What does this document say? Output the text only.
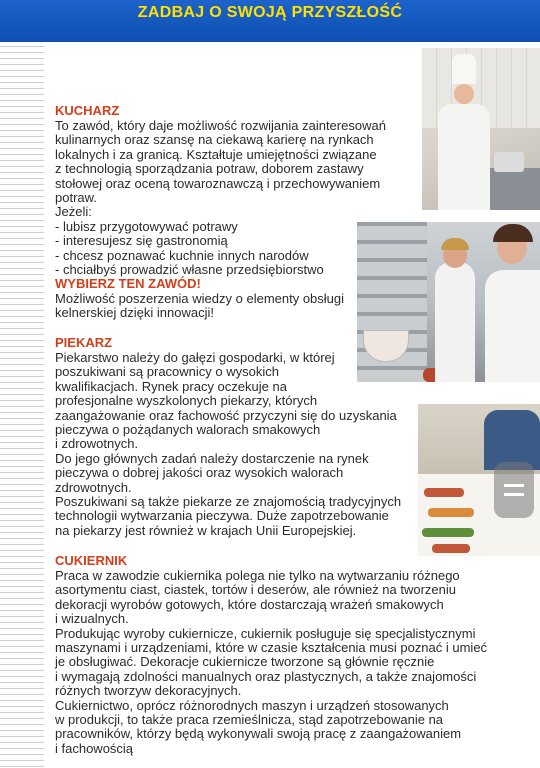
ZADBAJ O SWOJĄ PRZYSZŁOŚĆ
KUCHARZ
To zawód, który daje możliwość rozwijania zainteresowań
kulinarnych oraz szansę na ciekawą karierę na rynkach
lokalnych i za granicą. Kształtuje umiejętności związane
z technologią sporządzania potraw, doborem zastawy
stołowej oraz oceną towaroznawczą i przechowywaniem
potraw.
Jeżeli:
- lubisz przygotowywać potrawy
- interesujesz się gastronomią
- chcesz poznawać kuchnie innych narodów
- chciałbyś prowadzić własne przedsiębiorstwo
WYBIERZ TEN ZAWÓD!
Możliwość poszerzenia wiedzy o elementy obsługi
kelnerskiej dzięki innowacji!
PIEKARZ
Piekarstwo należy do gałęzi gospodarki, w której
poszukiwani są pracownicy o wysokich
kwalifikacjach. Rynek pracy oczekuje na
profesjonalne wyszkolonych piekarzy, których
zaangażowanie oraz fachowość przyczyni się do uzyskania
pieczywa o pożądanych walorach smakowych
i zdrowotnych.
Do jego głównych zadań należy dostarczenie na rynek
pieczywa o dobrej jakości oraz wysokich walorach
zdrowotnych.
Poszukiwani są także piekarze ze znajomością tradycyjnych
technologii wytwarzania pieczywa. Duże zapotrzebowanie
na piekarzy jest również w krajach Unii Europejskiej.
CUKIERNIK
Praca w zawodzie cukiernika polega nie tylko na wytwarzaniu różnego
asortymentu ciast, ciastek, tortów i deserów, ale również na tworzeniu
dekoracji wyrobów gotowych, które dostarczają wrażeń smakowych
i wizualnych.
Produkując wyroby cukiernicze, cukiernik posługuje się specjalistycznymi
maszynami i urządzeniami, które w czasie kształcenia musi poznać i umieć
je obsługiwać. Dekoracje cukiernicze tworzone są głównie ręcznie
i wymagają zdolności manualnych oraz plastycznych, a także znajomości
różnych tworzyw dekoracyjnych.
Cukiernictwo, oprócz różnorodnych maszyn i urządzeń stosowanych
w produkcji, to także praca rzemieślnicza, stąd zapotrzebowanie na
pracowników, którzy będą wykonywali swoją pracę z zaangażowaniem
i fachowością
